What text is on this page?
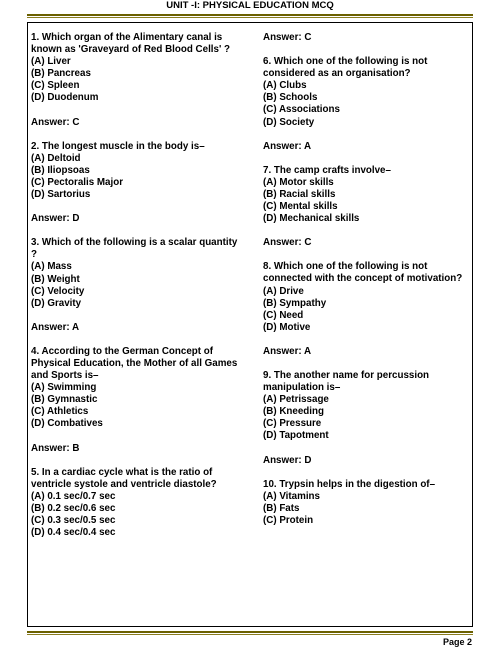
UNIT -I: PHYSICAL EDUCATION MCQ
1. Which organ of the Alimentary canal is known as 'Graveyard of Red Blood Cells' ?
(A) Liver
(B) Pancreas
(C) Spleen
(D) Duodenum
Answer: C
2. The longest muscle in the body is–
(A) Deltoid
(B) Iliopsoas
(C) Pectoralis Major
(D) Sartorius
Answer: D
3. Which of the following is a scalar quantity ?
(A) Mass
(B) Weight
(C) Velocity
(D) Gravity
Answer: A
4. According to the German Concept of Physical Education, the Mother of all Games and Sports is–
(A) Swimming
(B) Gymnastic
(C) Athletics
(D) Combatives
Answer: B
5. In a cardiac cycle what is the ratio of ventricle systole and ventricle diastole?
(A) 0.1 sec/0.7 sec
(B) 0.2 sec/0.6 sec
(C) 0.3 sec/0.5 sec
(D) 0.4 sec/0.4 sec
Answer: C
6. Which one of the following is not considered as an organisation?
(A) Clubs
(B) Schools
(C) Associations
(D) Society
Answer: A
7. The camp crafts involve–
(A) Motor skills
(B) Racial skills
(C) Mental skills
(D) Mechanical skills
Answer: C
8. Which one of the following is not connected with the concept of motivation?
(A) Drive
(B) Sympathy
(C) Need
(D) Motive
Answer: A
9. The another name for percussion manipulation is–
(A) Petrissage
(B) Kneeding
(C) Pressure
(D) Tapotment
Answer: D
10. Trypsin helps in the digestion of–
(A) Vitamins
(B) Fats
(C) Protein
Page 2
